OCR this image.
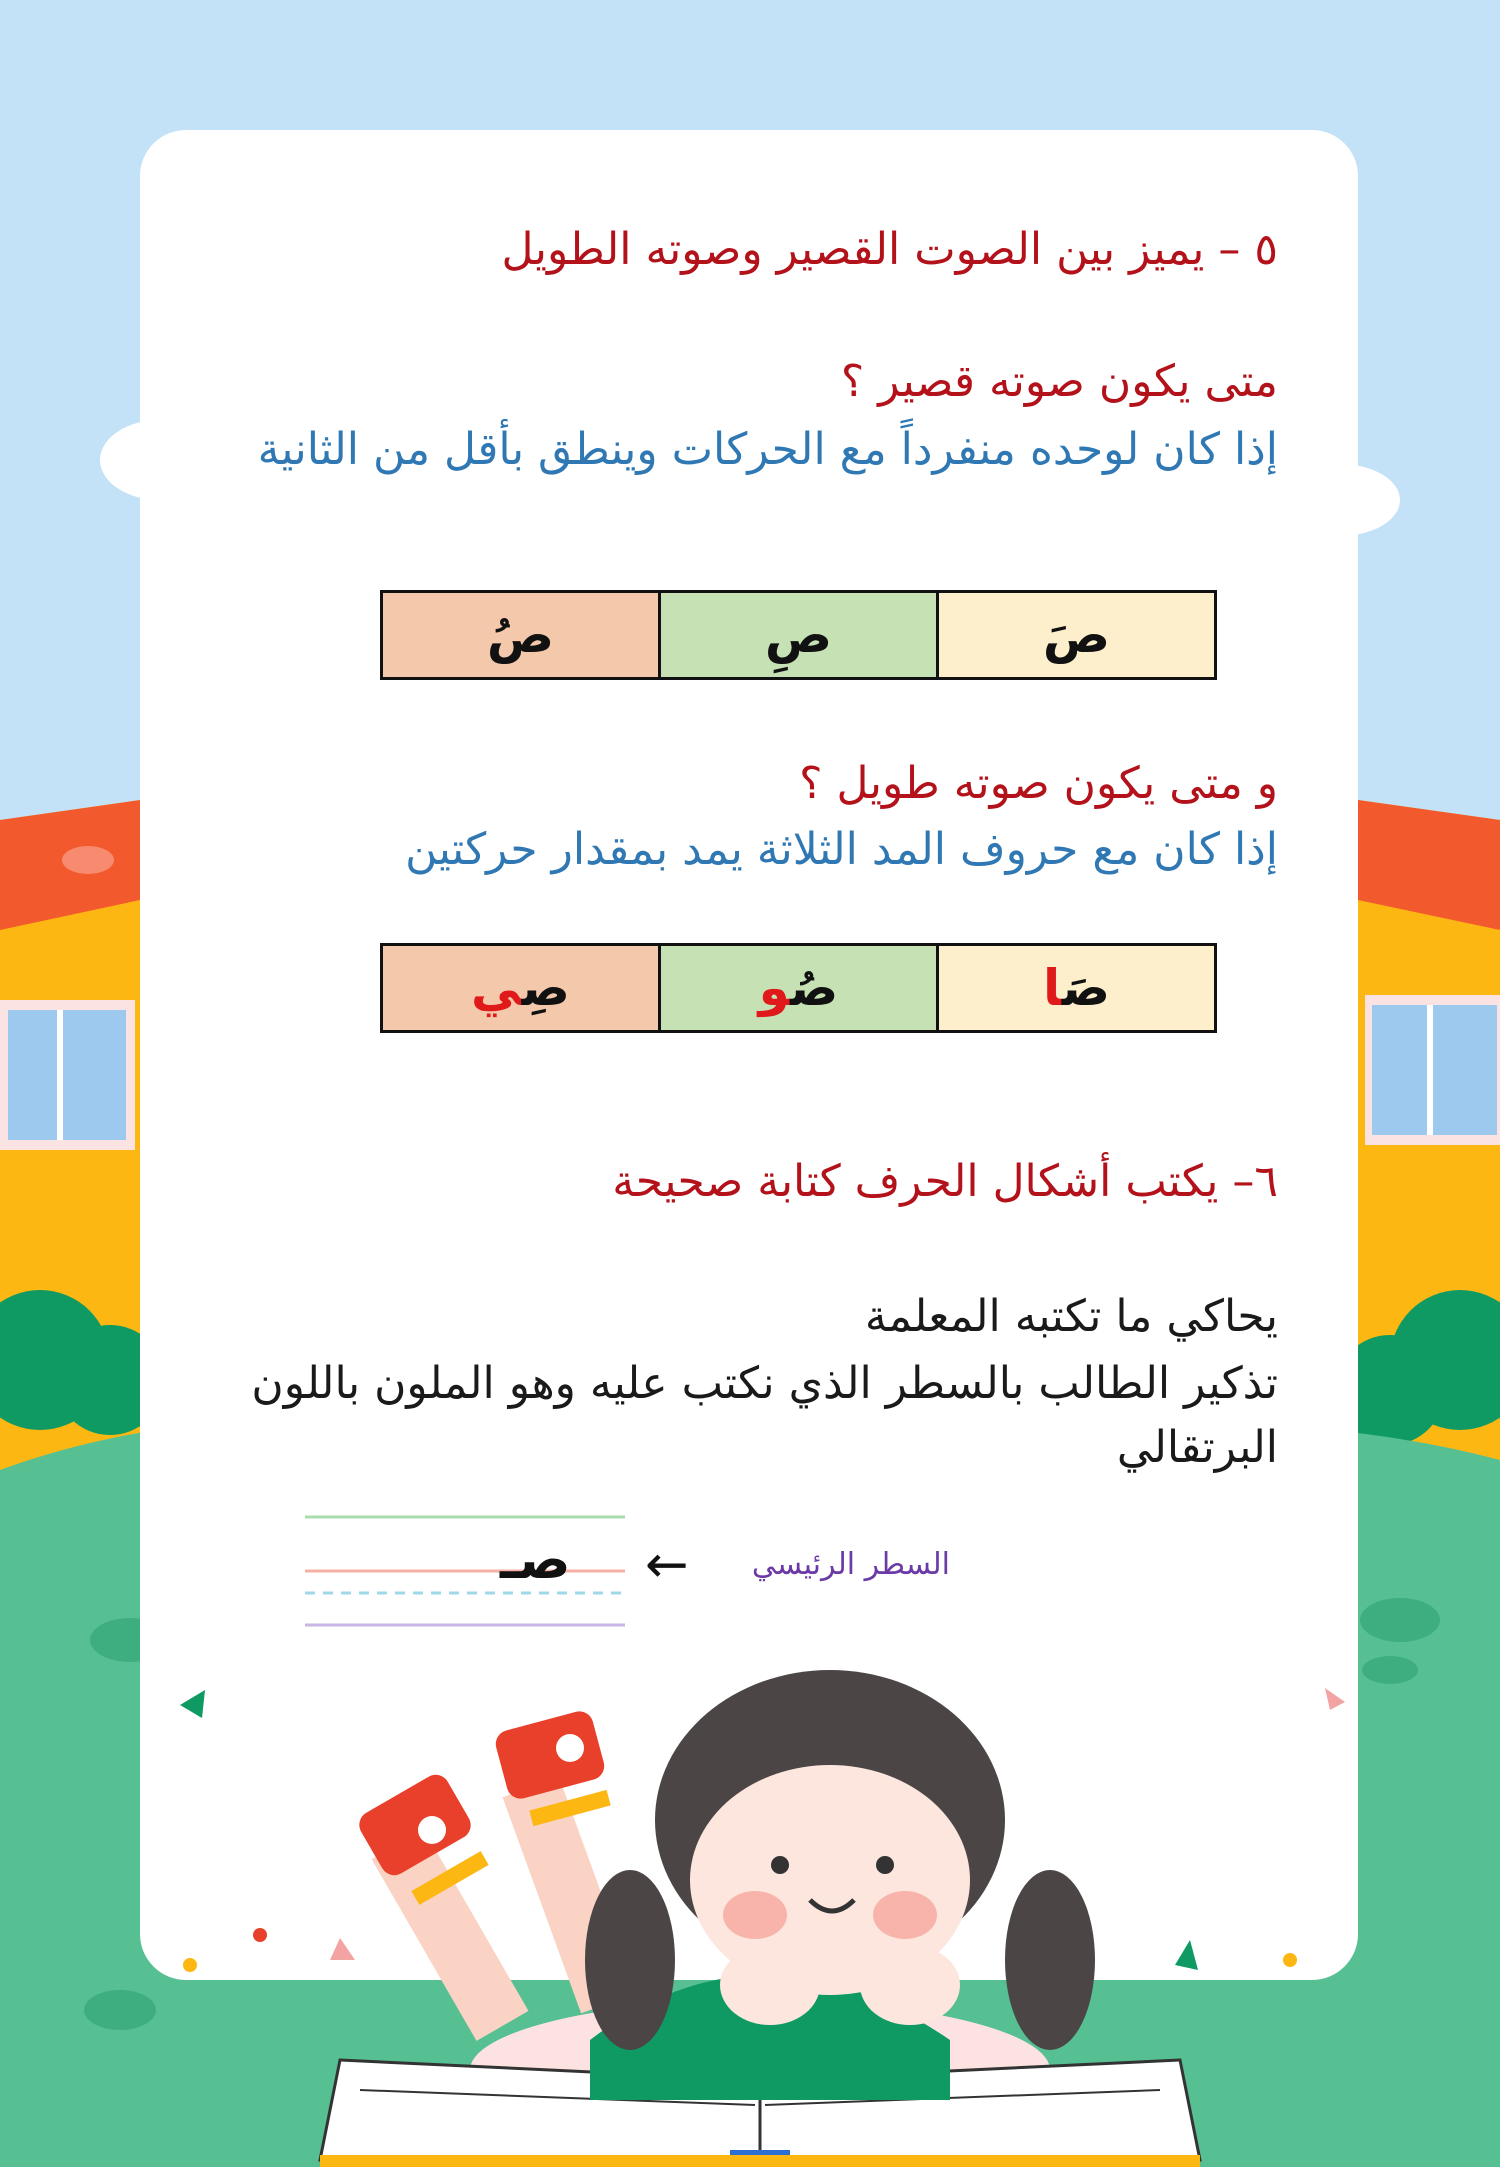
٥ – يميز بين الصوت القصير وصوته الطويل
متى يكون صوته قصير ؟
إذا كان لوحده منفرداً مع الحركات وينطق بأقل من الثانية
صَ	صِ	صُ
و متى يكون صوته طويل ؟
إذا كان مع حروف المد الثلاثة يمد بمقدار حركتين
صَا	صُو	صِي
٦– يكتب أشكال الحرف كتابة صحيحة
يحاكي ما تكتبه المعلمة
تذكير الطالب بالسطر الذي نكتب عليه وهو الملون باللون البرتقالي
صـ ←	السطر الرئيسي
